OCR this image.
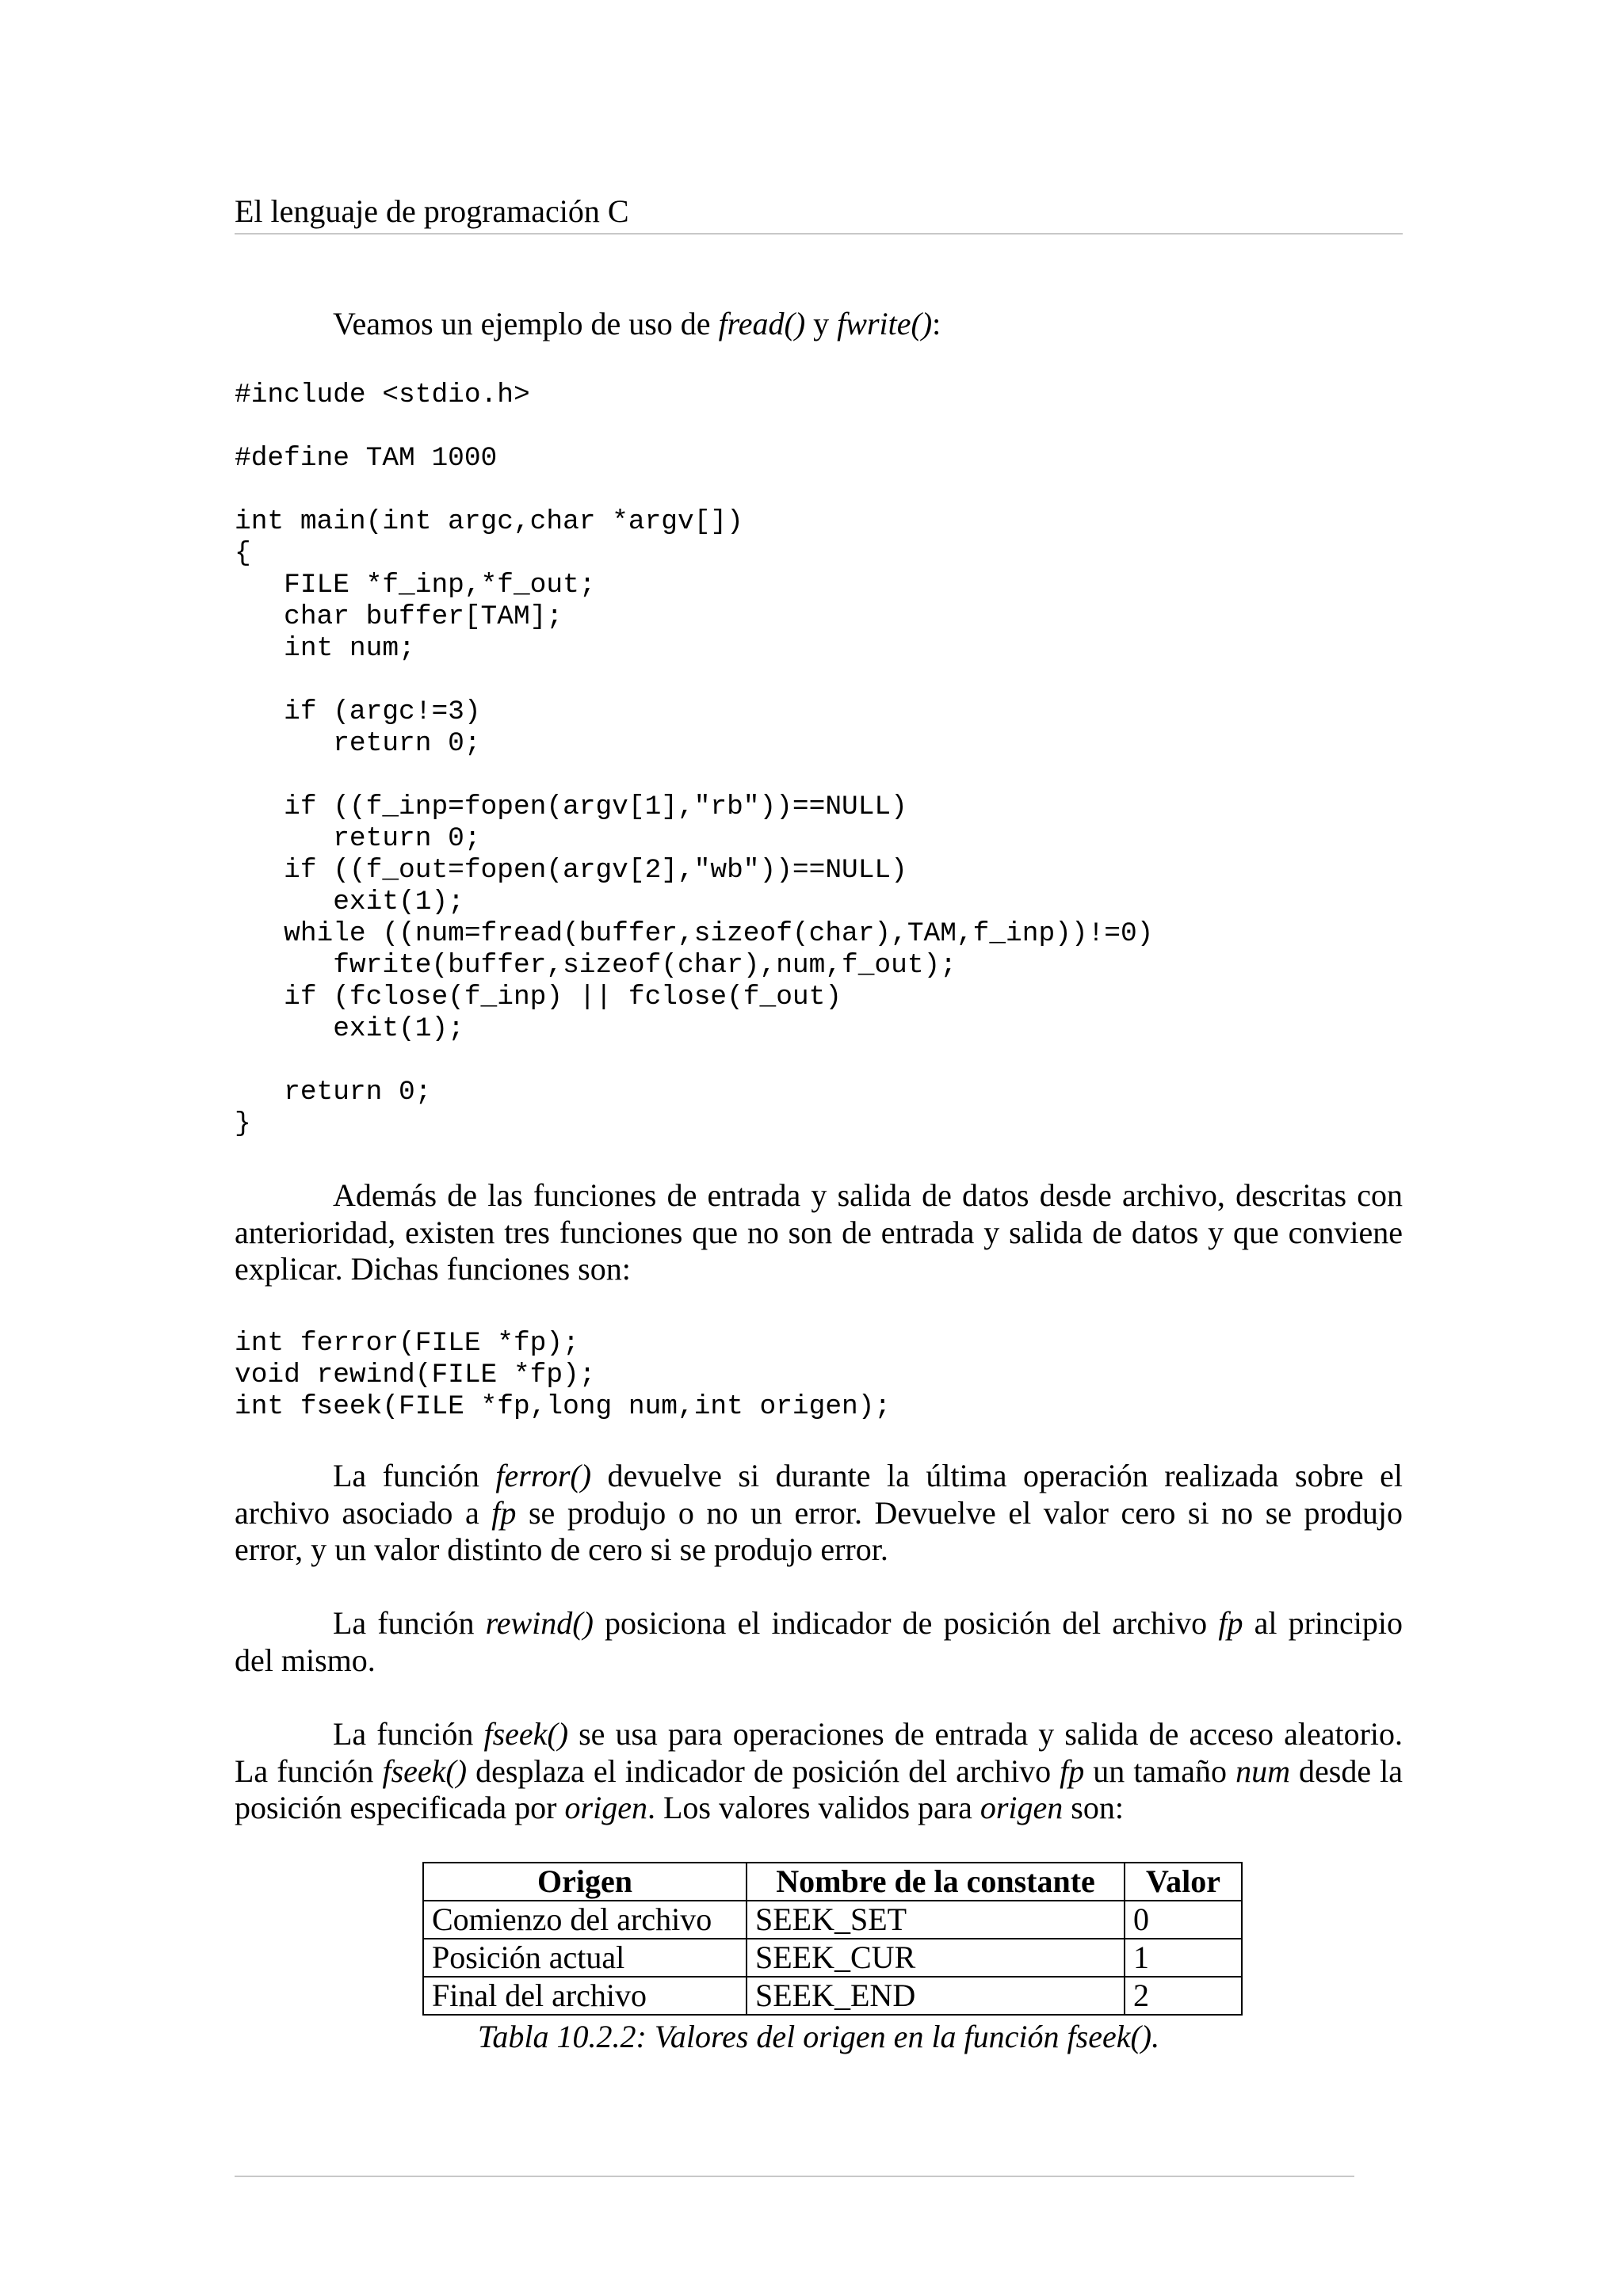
El lenguaje de programación C

Veamos un ejemplo de uso de fread() y fwrite():

#include <stdio.h>

#define TAM 1000

int main(int argc,char *argv[])
{
FILE *f_inp,*f_out;
char buffer[TAM];
int num;

if (argc!=3)
return 0;

if ((f_inp=fopen(argv[1],"rb"))==NULL)
return 0;
if ((f_out=fopen(argv[2],"wb"))==NULL)
exit(1);
while ((num=fread(buffer,sizeof(char),TAM,f_inp))!=0)
fwrite(buffer,sizeof(char),num,f_out);
if (fclose(f_inp) || fclose(f_out)
exit(1);

return 0;
}

Además de las funciones de entrada y salida de datos desde archivo, descritas con anterioridad, existen tres funciones que no son de entrada y salida de datos y que conviene explicar. Dichas funciones son:

int ferror(FILE *fp);
void rewind(FILE *fp);
int fseek(FILE *fp,long num,int origen);

La función ferror() devuelve si durante la última operación realizada sobre el archivo asociado a fp se produjo o no un error. Devuelve el valor cero si no se produjo error, y un valor distinto de cero si se produjo error.

La función rewind() posiciona el indicador de posición del archivo fp al principio del mismo.

La función fseek() se usa para operaciones de entrada y salida de acceso aleatorio. La función fseek() desplaza el indicador de posición del archivo fp un tamaño num desde la posición especificada por origen. Los valores validos para origen son:

Origen	Nombre de la constante	Valor
Comienzo del archivo	SEEK_SET	0
Posición actual	SEEK_CUR	1
Final del archivo	SEEK_END	2
Tabla 10.2.2: Valores del origen en la función fseek().
